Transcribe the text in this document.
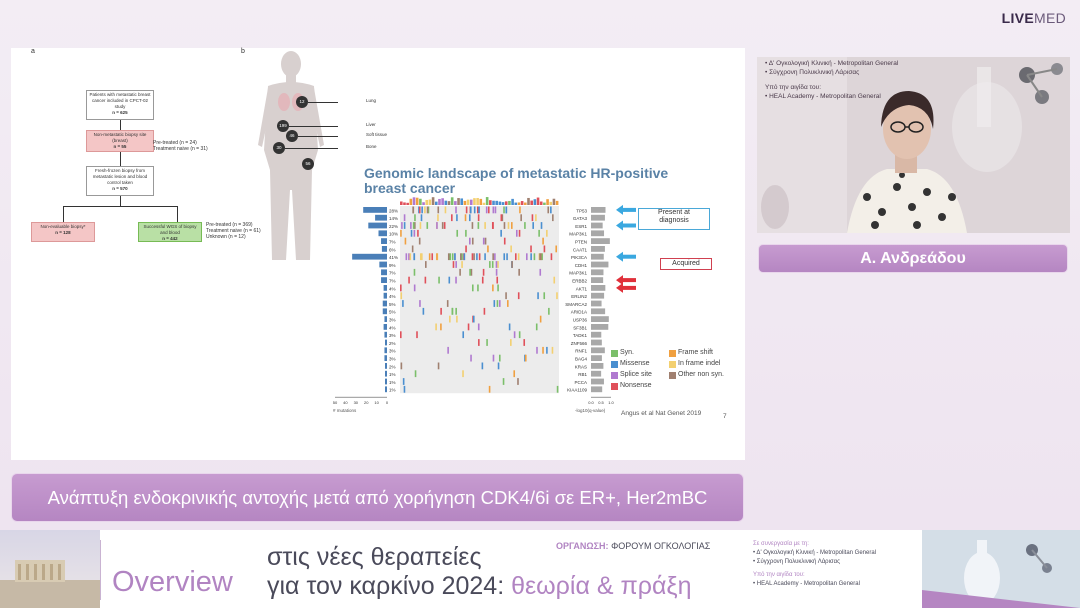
LIVEMED
a	b
Patients with metastatic breast cancer included in CPCT-02 study
n = 625
Non-metastatic biopsy site (breast)
n = 55
Pre-treated (n = 24)
Treatment naive (n = 31)
Fresh-frozen biopsy from metastatic lesion and blood control taken
n = 570
Non-evaluable biopsy*
n = 128
Successful WGS of biopsy and blood
n = 442
Pre-treated (n = 369)
Treatment naive (n = 61)
Unknown (n = 12)
12
199
46
30
56
Lung
Liver
Soft tissue
Bone
Genomic landscape of metastatic HR-positive
breast cancer
28%	TP53
14%	GATA3
22%	ESR1
10%	MAP3K1
7%	PTEN
6%	CAAT1
41%	PIK3CA
9%	CDH1
7%	MAP3K1
7%	ERBB2
4%	AKT1
4%	ERLIN2
5%	SMARCA2
5%	ARID1A
3%	USP36
4%	SF3B1
3%	TADK1
2%	ZNF566
3%	RNF1
3%	BAG4
2%	KRAS
1%	RB1
1%	PCCA
1%	KIAA1109
50 40 30 20 10 0	0.0 0.5 1.0
Present at
diagnosis
Acquired
Syn.
Missense
Splice site
Nonsense
Frame shift
In frame indel
Other non syn.
Angus et al Nat Genet 2019	7
# mutations	-log10(q-value)
• Δ' Ογκολογική Κλινική - Metropolitan General
• Σύγχρονη Πολυκλινική Λάρισας
Υπό την αιγίδα του:
• HEAL Academy - Metropolitan General
Α. Ανδρεάδου
Ανάπτυξη ενδοκρινικής αντοχής μετά από χορήγηση CDK4/6i σε ER+, Her2mBC
Overview
στις νέες θεραπείες
για τον καρκίνο 2024: θεωρία & πράξη
ΟΡΓΑΝΩΣΗ: ΦΟΡΟΥΜ ΟΓΚΟΛΟΓΙΑΣ	Σε συνεργασία με τη:
• Δ' Ογκολογική Κλινική - Metropolitan General
• Σύγχρονη Πολυκλινική Λάρισας
Υπό την αιγίδα του:
• HEAL Academy - Metropolitan General
